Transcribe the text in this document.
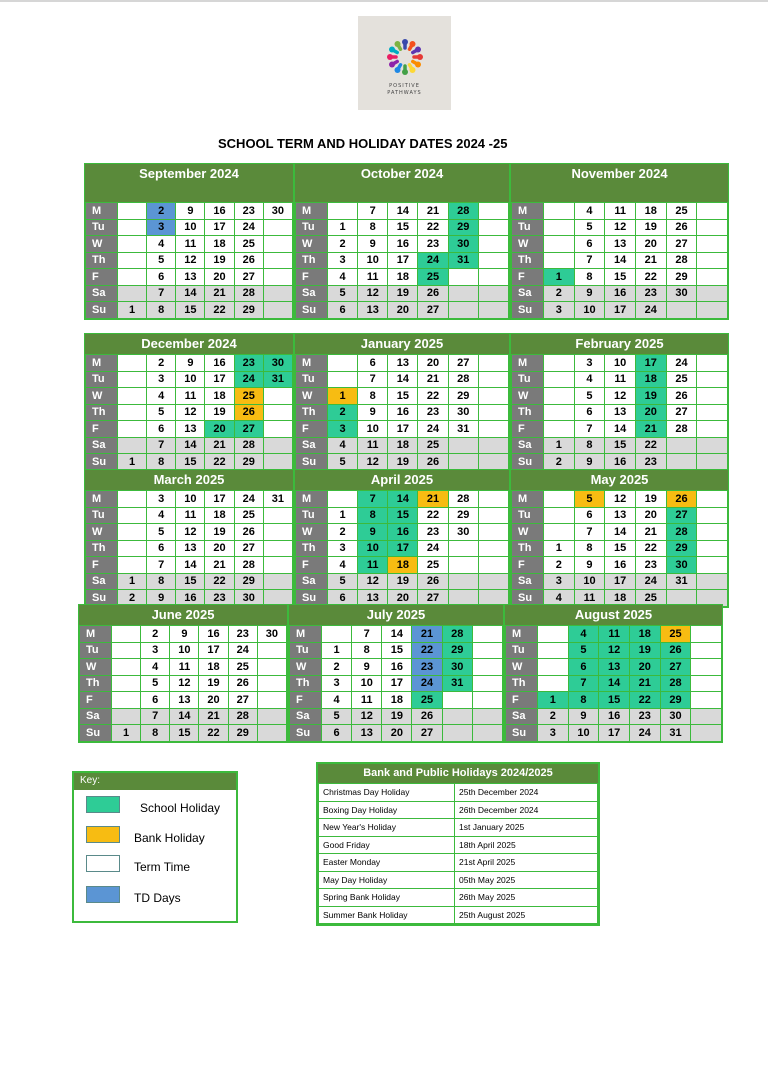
POSITIVE
PATHWAYS
SCHOOL TERM AND HOLIDAY DATES 2024 -25
September 2024
M		2	9	16	23	30
Tu		3	10	17	24	
W		4	11	18	25	
Th		5	12	19	26	
F		6	13	20	27	
Sa		7	14	21	28	
Su	1	8	15	22	29	
October 2024
M		7	14	21	28	
Tu	1	8	15	22	29	
W	2	9	16	23	30	
Th	3	10	17	24	31	
F	4	11	18	25		
Sa	5	12	19	26		
Su	6	13	20	27		
November 2024
M		4	11	18	25	
Tu		5	12	19	26	
W		6	13	20	27	
Th		7	14	21	28	
F	1	8	15	22	29	
Sa	2	9	16	23	30	
Su	3	10	17	24		
December 2024
M		2	9	16	23	30
Tu		3	10	17	24	31
W		4	11	18	25	
Th		5	12	19	26	
F		6	13	20	27	
Sa		7	14	21	28	
Su	1	8	15	22	29	
January 2025
M		6	13	20	27	
Tu		7	14	21	28	
W	1	8	15	22	29	
Th	2	9	16	23	30	
F	3	10	17	24	31	
Sa	4	11	18	25		
Su	5	12	19	26		
February 2025
M		3	10	17	24	
Tu		4	11	18	25	
W		5	12	19	26	
Th		6	13	20	27	
F		7	14	21	28	
Sa	1	8	15	22		
Su	2	9	16	23		
March 2025
M		3	10	17	24	31
Tu		4	11	18	25	
W		5	12	19	26	
Th		6	13	20	27	
F		7	14	21	28	
Sa	1	8	15	22	29	
Su	2	9	16	23	30	
April 2025
M		7	14	21	28	
Tu	1	8	15	22	29	
W	2	9	16	23	30	
Th	3	10	17	24		
F	4	11	18	25		
Sa	5	12	19	26		
Su	6	13	20	27		
May 2025
M		5	12	19	26	
Tu		6	13	20	27	
W		7	14	21	28	
Th	1	8	15	22	29	
F	2	9	16	23	30	
Sa	3	10	17	24	31	
Su	4	11	18	25		
June 2025
M		2	9	16	23	30
Tu		3	10	17	24	
W		4	11	18	25	
Th		5	12	19	26	
F		6	13	20	27	
Sa		7	14	21	28	
Su	1	8	15	22	29	
July 2025
M		7	14	21	28	
Tu	1	8	15	22	29	
W	2	9	16	23	30	
Th	3	10	17	24	31	
F	4	11	18	25		
Sa	5	12	19	26		
Su	6	13	20	27		
August 2025
M		4	11	18	25	
Tu		5	12	19	26	
W		6	13	20	27	
Th		7	14	21	28	
F	1	8	15	22	29	
Sa	2	9	16	23	30	
Su	3	10	17	24	31	
Key:
School Holiday
Bank Holiday
Term Time
TD Days
Bank and Public Holidays 2024/2025
Christmas Day Holiday	25th December 2024
Boxing Day Holiday	26th December 2024
New Year's Holiday	1st January 2025
Good Friday	18th April 2025
Easter Monday	21st April 2025
May Day Holiday	05th May 2025
Spring Bank Holiday	26th May 2025
Summer Bank Holiday	25th August 2025
